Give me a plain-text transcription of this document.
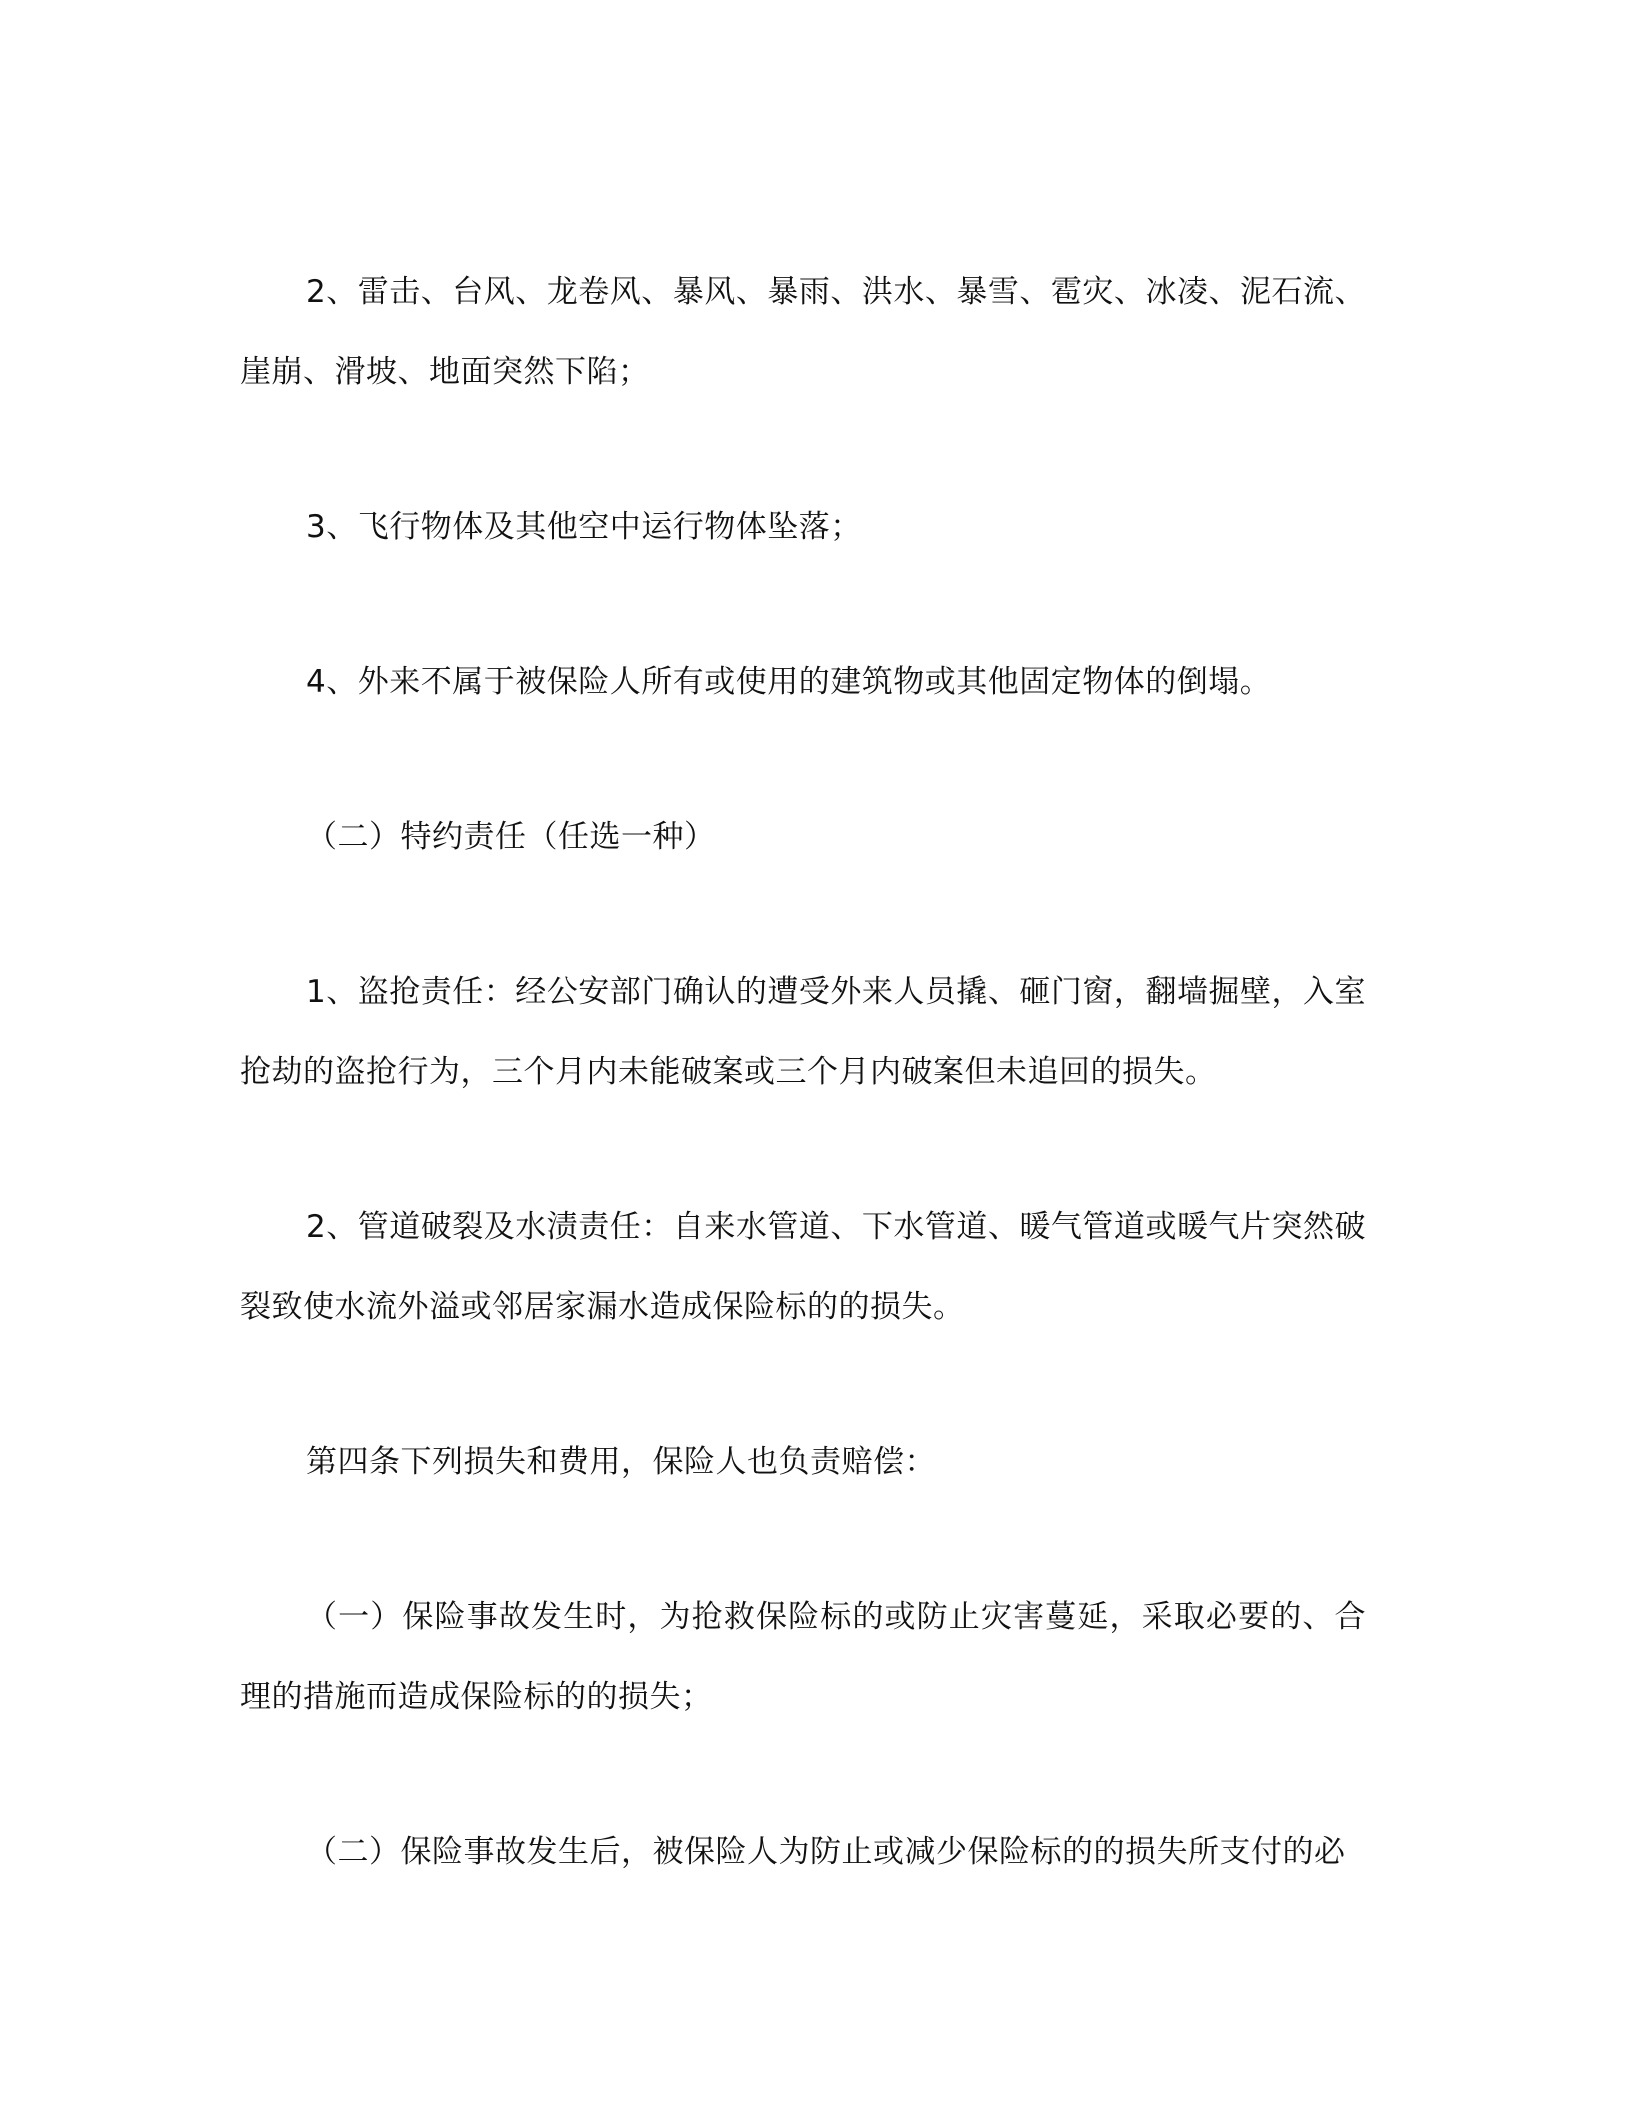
2、雷击、台风、龙卷风、暴风、暴雨、洪水、暴雪、雹灾、冰凌、泥石流、崖崩、滑坡、地面突然下陷；

3、飞行物体及其他空中运行物体坠落；

4、外来不属于被保险人所有或使用的建筑物或其他固定物体的倒塌。

（二）特约责任（任选一种）

1、盗抢责任：经公安部门确认的遭受外来人员撬、砸门窗，翻墙掘壁，入室抢劫的盗抢行为，三个月内未能破案或三个月内破案但未追回的损失。

2、管道破裂及水渍责任：自来水管道、下水管道、暖气管道或暖气片突然破裂致使水流外溢或邻居家漏水造成保险标的的损失。

第四条下列损失和费用，保险人也负责赔偿：

（一）保险事故发生时，为抢救保险标的或防止灾害蔓延，采取必要的、合理的措施而造成保险标的的损失；

（二）保险事故发生后，被保险人为防止或减少保险标的的损失所支付的必
